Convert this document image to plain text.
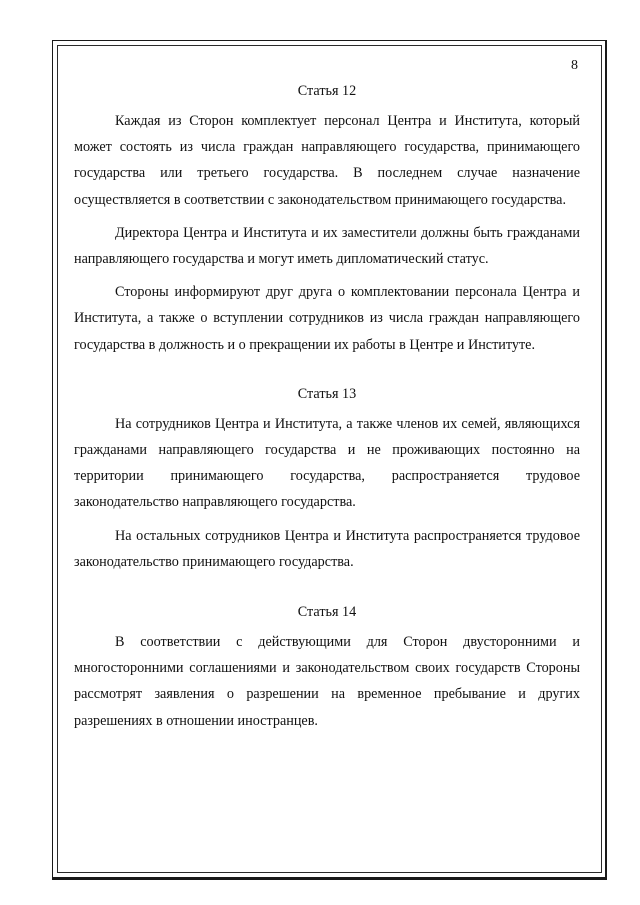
8
Статья 12

Каждая из Сторон комплектует персонал Центра и Института, который может состоять из числа граждан направляющего государства, принимающего государства или третьего государства. В последнем случае назначение осуществляется в соответствии с законодательством принимающего государства.

Директора Центра и Института и их заместители должны быть гражданами направляющего государства и могут иметь дипломатический статус.

Стороны информируют друг друга о комплектовании персонала Центра и Института, а также о вступлении сотрудников из числа граждан направляющего государства в должность и о прекращении их работы в Центре и Институте.

Статья 13

На сотрудников Центра и Института, а также членов их семей, являющихся гражданами направляющего государства и не проживающих постоянно на территории принимающего государства, распространяется трудовое законодательство направляющего государства.

На остальных сотрудников Центра и Института распространяется трудовое законодательство принимающего государства.

Статья 14

В соответствии с действующими для Сторон двусторонними и многосторонними соглашениями и законодательством своих государств Стороны рассмотрят заявления о разрешении на временное пребывание и других разрешениях в отношении иностранцев.
